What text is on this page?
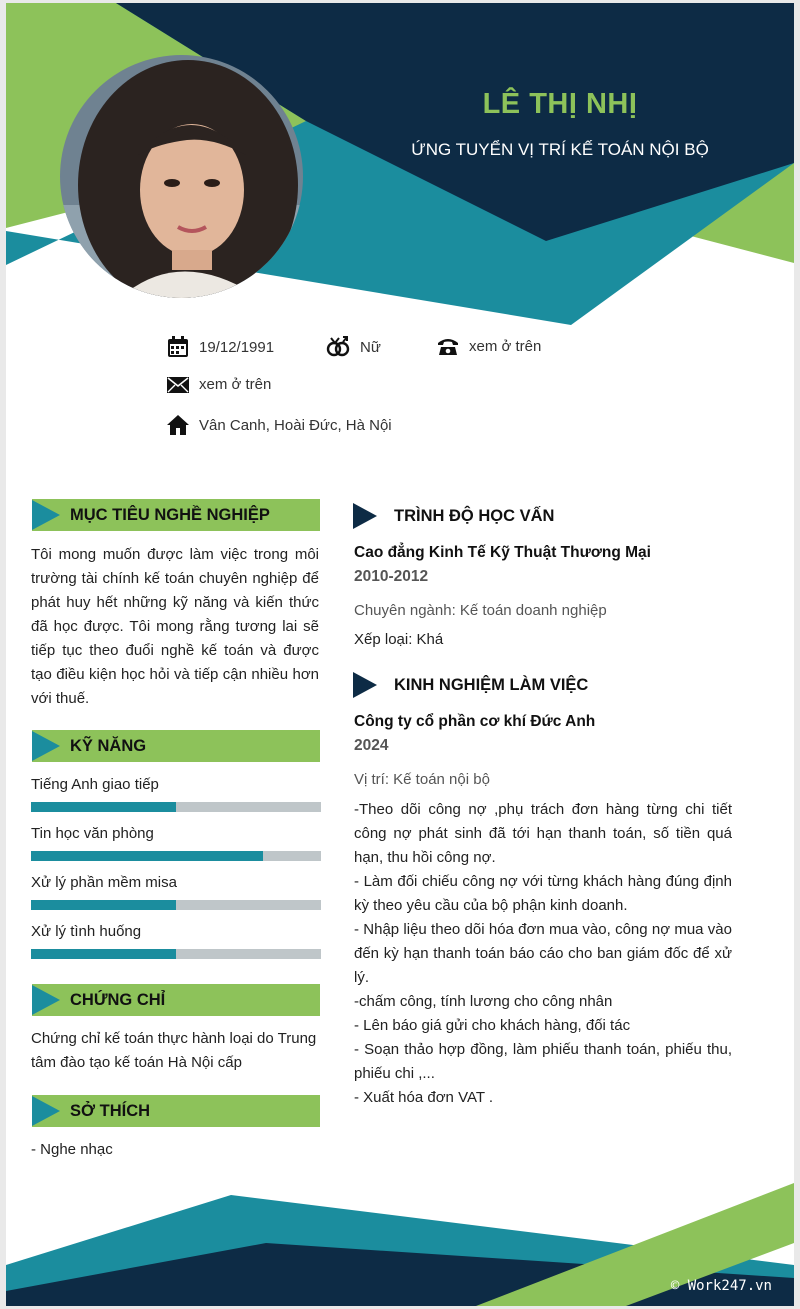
LÊ THỊ NHỊ
ỨNG TUYỂN VỊ TRÍ KẾ TOÁN NỘI BỘ
19/12/1991	Nữ	xem ở trên
xem ở trên
Vân Canh, Hoài Đức, Hà Nội
MỤC TIÊU NGHỀ NGHIỆP
Tôi mong muốn được làm việc trong môi trường tài chính kế toán chuyên nghiệp để phát huy hết những kỹ năng và kiến thức đã học được. Tôi mong rằng tương lai sẽ tiếp tục theo đuổi nghề kế toán và được tạo điều kiện học hỏi và tiếp cận nhiều hơn với thuế.
KỸ NĂNG
Tiếng Anh giao tiếp
Tin học văn phòng
Xử lý phần mềm misa
Xử lý tình huống
CHỨNG CHỈ
Chứng chỉ kế toán thực hành loại do Trung tâm đào tạo kế toán Hà Nội cấp
SỞ THÍCH
- Nghe nhạc
TRÌNH ĐỘ HỌC VẤN
Cao đẳng Kinh Tế Kỹ Thuật Thương Mại
2010-2012
Chuyên ngành: Kế toán doanh nghiệp
Xếp loại: Khá
KINH NGHIỆM LÀM VIỆC
Công ty cổ phần cơ khí Đức Anh
2024
Vị trí: Kế toán nội bộ
-Theo dõi công nợ ,phụ trách đơn hàng từng chi tiết công nợ phát sinh đã tới hạn thanh toán, số tiền quá hạn, thu hồi công nợ.
- Làm đối chiếu công nợ với từng khách hàng đúng định kỳ theo yêu cầu của bộ phận kinh doanh.
- Nhập liệu theo dõi hóa đơn mua vào, công nợ mua vào đến kỳ hạn thanh toán báo cáo cho ban giám đốc để xử lý.
-chấm công, tính lương cho công nhân
- Lên báo giá gửi cho khách hàng, đối tác
- Soạn thảo hợp đồng, làm phiếu thanh toán, phiếu thu, phiếu chi ,...
- Xuất hóa đơn VAT .
© Work247.vn
